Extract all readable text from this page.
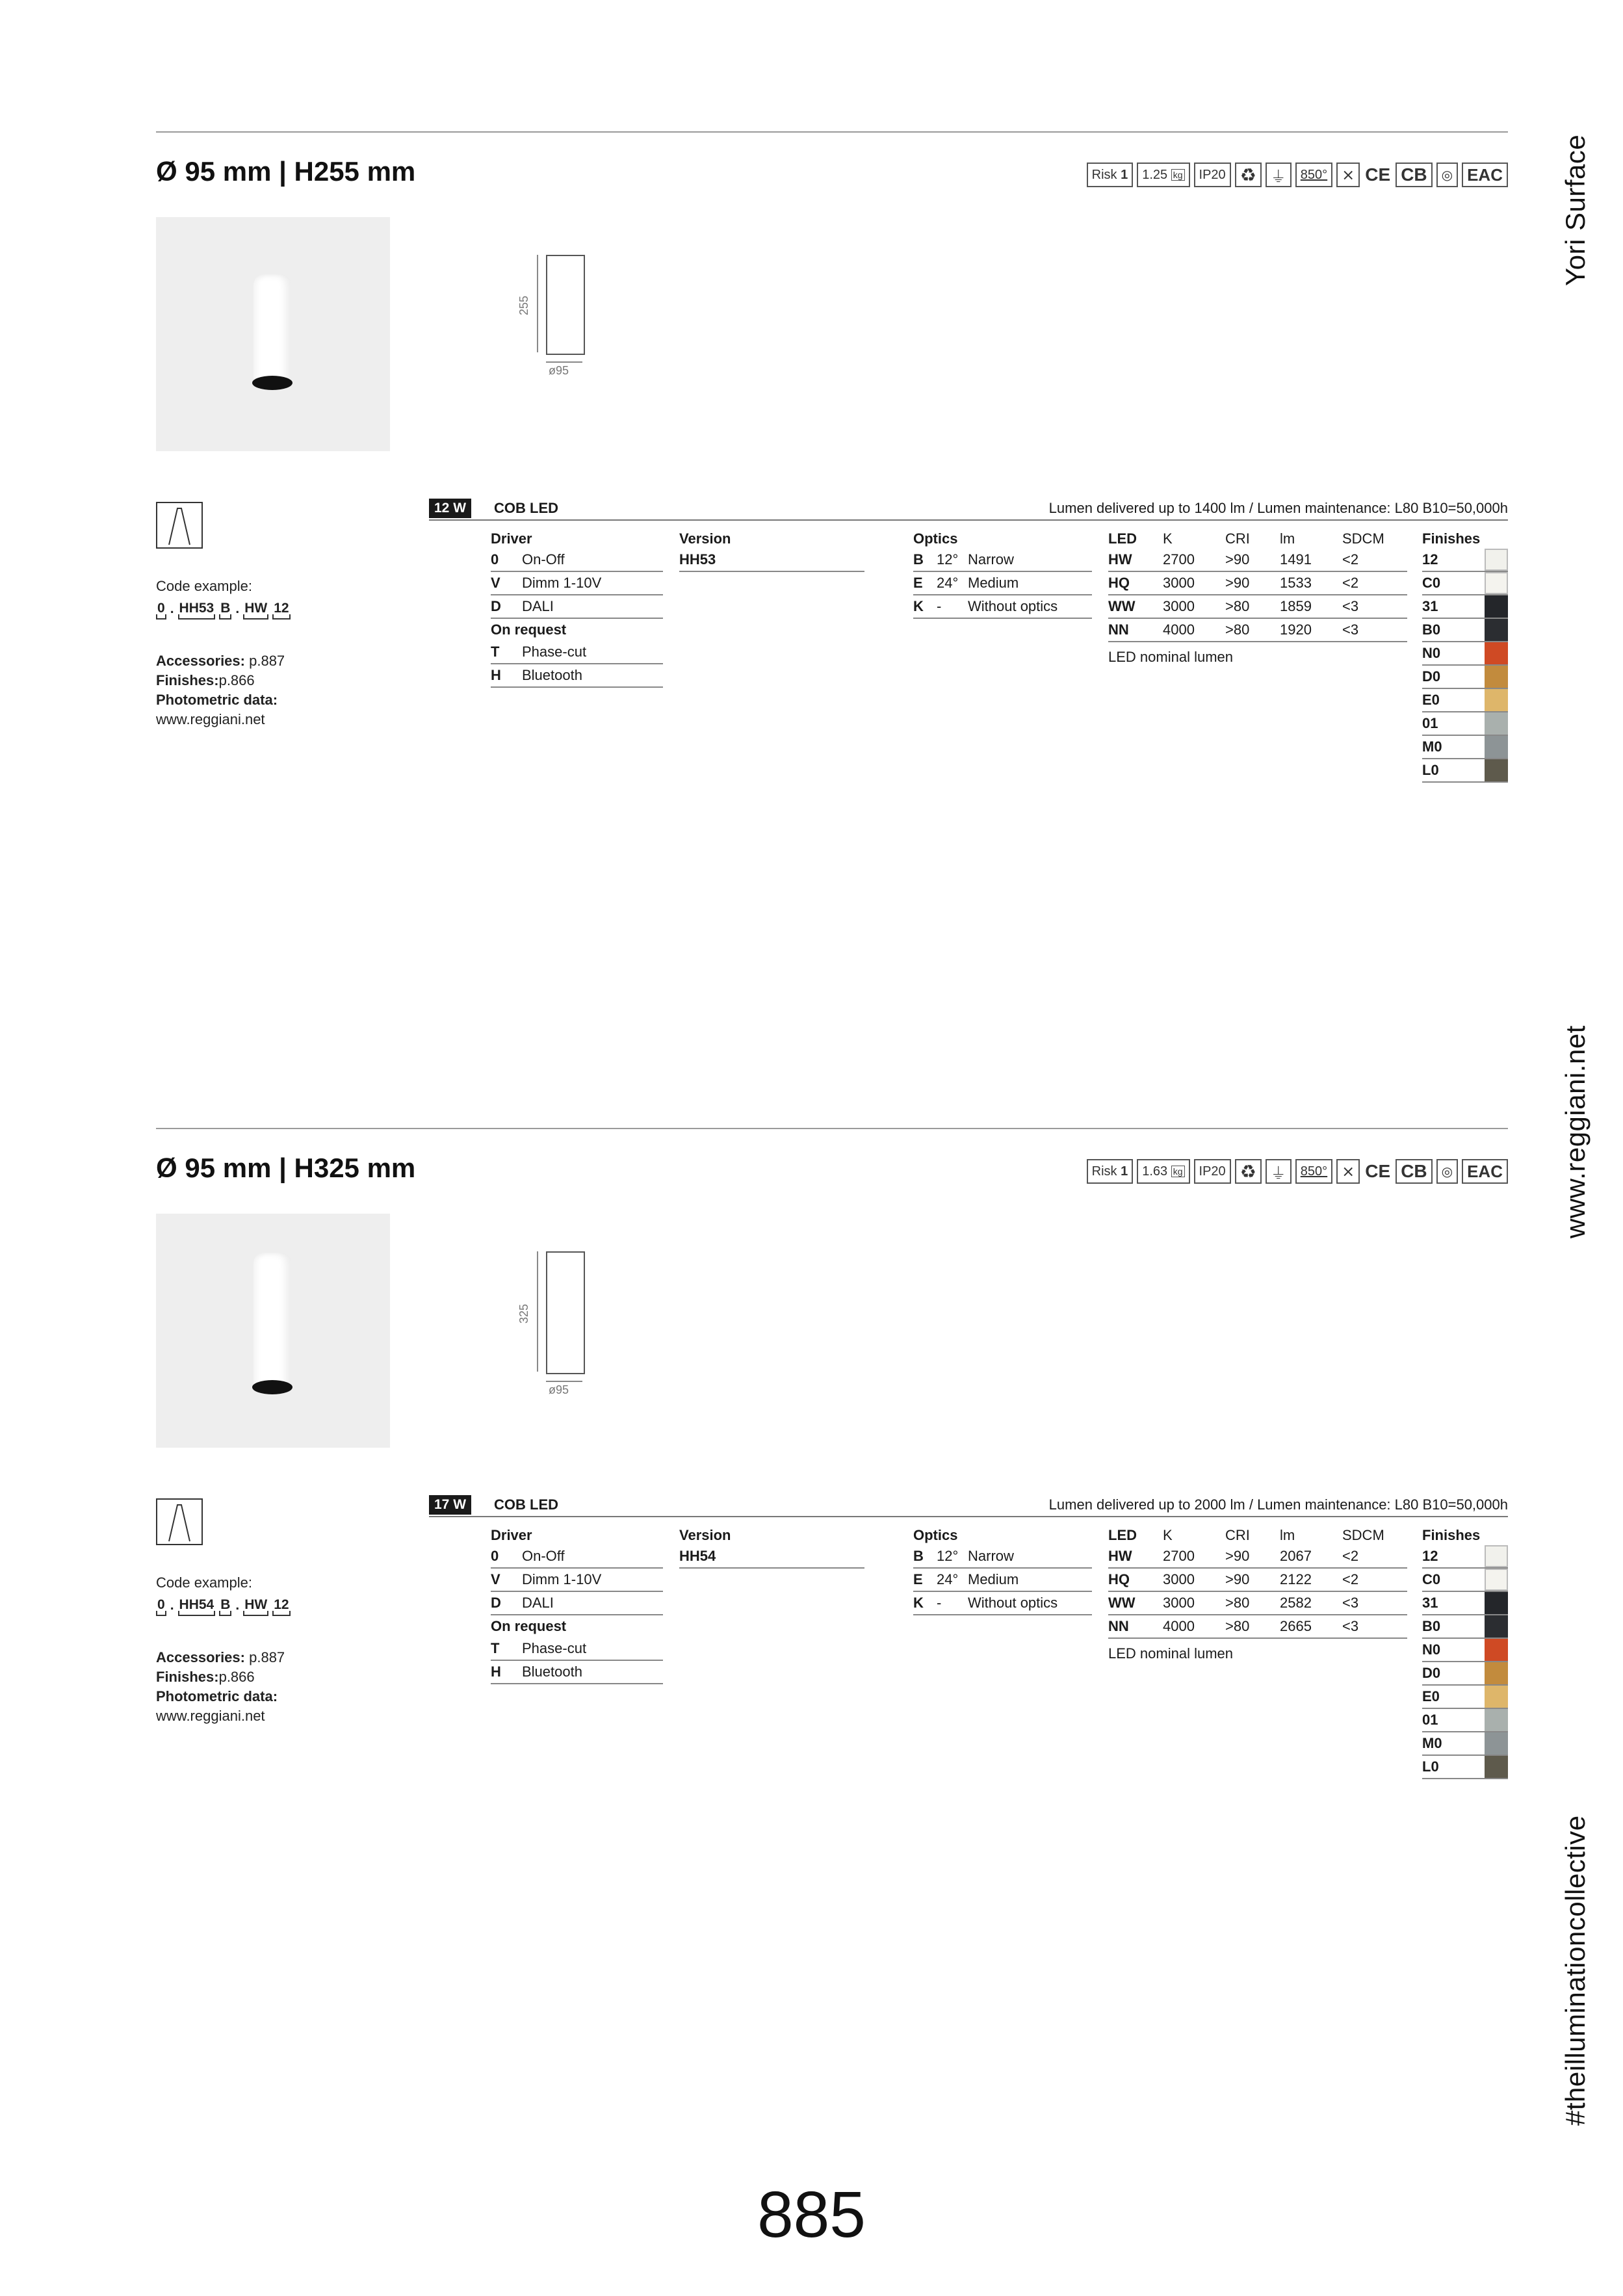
Yori Surface
www.reggiani.net
#theilluminationcollective
Ø 95 mm | H255 mm	Risk
1 1.25
kg	IP20 ♻ ⏚	850° ⨯ CE CB	◎ EAC
255
ø95
Code example:
0 . HH53 B . HW 12
Accessories: p.887
Finishes:p.866
Photometric data:
www.reggiani.net
12 W	COB LED	Lumen delivered up to 1400 lm / Lumen maintenance: L80 B10=50,000h
Driver
0 On-Off
V Dimm 1-10V
D DALI
On request
T Phase-cut
H Bluetooth
Version
HH53
Optics
B 12° Narrow
E 24° Medium
K - Without optics
LED K	CRI lm	SDCM
HW 2700 >90 1491 <2
HQ 3000 >90 1533 <2
WW 3000 >80 1859 <3
NN 4000 >80 1920 <3
LED nominal lumen
Finishes
12
C0
31
B0
N0
D0
E0
01
M0
L0
Ø 95 mm | H325 mm	Risk
1 1.63
kg	IP20 ♻ ⏚	850° ⨯ CE CB	◎ EAC
325
ø95
Code example:
0 . HH54 B . HW 12
Accessories: p.887
Finishes:p.866
Photometric data:
www.reggiani.net
17 W	COB LED	Lumen delivered up to 2000 lm / Lumen maintenance: L80 B10=50,000h
Driver
0 On-Off
V Dimm 1-10V
D DALI
On request
T Phase-cut
H Bluetooth
Version
HH54
Optics
B 12° Narrow
E 24° Medium
K - Without optics
LED K	CRI lm	SDCM
HW 2700 >90 2067 <2
HQ 3000 >90 2122 <2
WW 3000 >80 2582 <3
NN 4000 >80 2665 <3
LED nominal lumen
Finishes
12
C0
31
B0
N0
D0
E0
01
M0
L0
885
